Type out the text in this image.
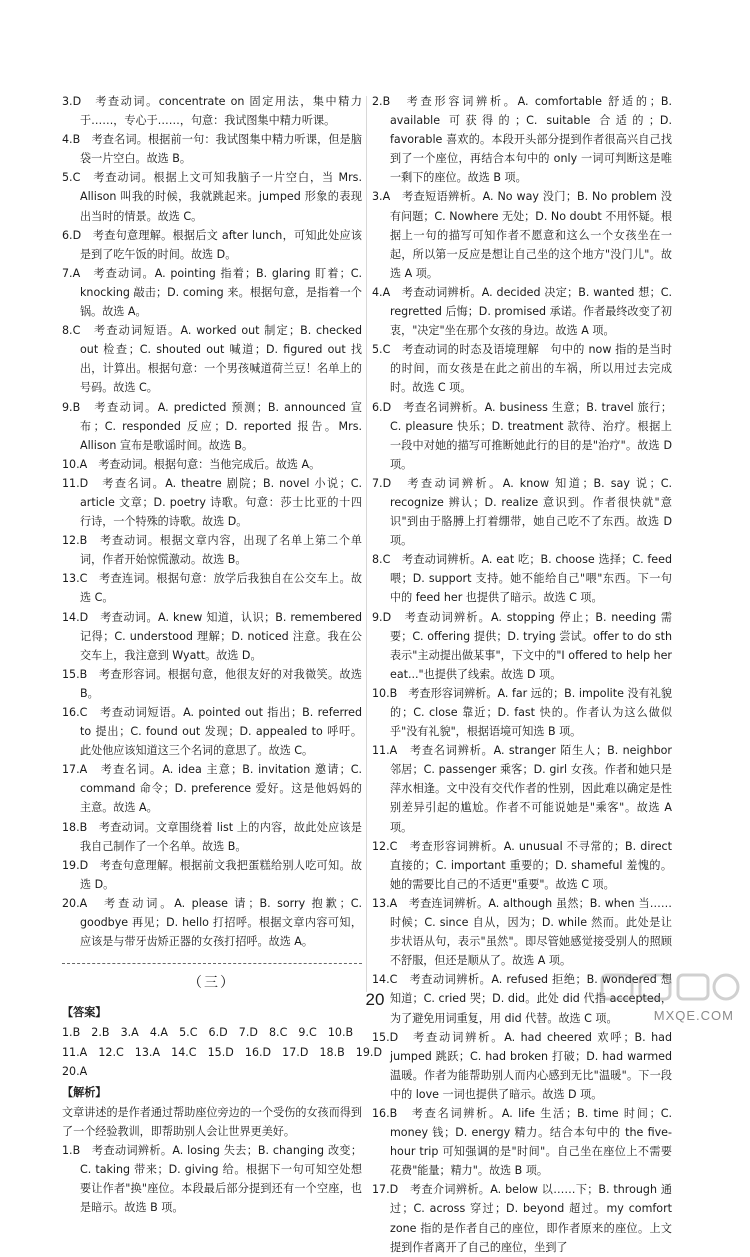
3.D　考查动词。concentrate on 固定用法，集中精力于……，专心于……，句意：我试图集中精力听课。

4.B　考查名词。根据前一句：我试图集中精力听课，但是脑袋一片空白。故选 B。

5.C　考查动词。根据上文可知我脑子一片空白，当 Mrs. Allison 叫我的时候，我就跳起来。jumped 形象的表现出当时的情景。故选 C。

6.D　考查句意理解。根据后文 after lunch，可知此处应该是到了吃午饭的时间。故选 D。

7.A　考查动词。A. pointing 指着；B. glaring 盯着；C. knocking 敲击；D. coming 来。根据句意，是指着一个锅。故选 A。

8.C　考查动词短语。A. worked out 制定；B. checked out 检查；C. shouted out 喊道；D. figured out 找出，计算出。根据句意：一个男孩喊道荷兰豆！名单上的号码。故选 C。

9.B　考查动词。A. predicted 预测；B. announced 宣布；C. responded 反应；D. reported 报告。Mrs. Allison 宣布是歌谣时间。故选 B。

10.A　考查动词。根据句意：当他完成后。故选 A。

11.D　考查名词。A. theatre 剧院；B. novel 小说；C. article 文章；D. poetry 诗歌。句意：莎士比亚的十四行诗，一个特殊的诗歌。故选 D。

12.B　考查动词。根据文章内容，出现了名单上第二个单词，作者开始惊慌激动。故选 B。

13.C　考查连词。根据句意：放学后我独自在公交车上。故选 C。

14.D　考查动词。A. knew 知道，认识；B. remembered 记得；C. understood 理解；D. noticed 注意。我在公交车上，我注意到 Wyatt。故选 D。

15.B　考查形容词。根据句意，他很友好的对我微笑。故选 B。

16.C　考查动词短语。A. pointed out 指出；B. referred to 提出；C. found out 发现；D. appealed to 呼吁。此处他应该知道这三个名词的意思了。故选 C。

17.A　考查名词。A. idea 主意；B. invitation 邀请；C. command 命令；D. preference 爱好。这是他妈妈的主意。故选 A。

18.B　考查动词。文章围绕着 list 上的内容，故此处应该是我自己制作了一个名单。故选 B。

19.D　考查句意理解。根据前文我把蛋糕给别人吃可知。故选 D。

20.A　考查动词。A. please 请；B. sorry 抱歉；C. goodbye 再见；D. hello 打招呼。根据文章内容可知，应该是与带牙齿矫正器的女孩打招呼。故选 A。

（三）
【答案】

1.B　2.B　3.A　4.A　5.C　6.D　7.D　8.C　9.C　10.B

11.A　12.C　13.A　14.C　15.D　16.D　17.D　18.B　19.D

20.A

【解析】

文章讲述的是作者通过帮助座位旁边的一个受伤的女孩而得到了一个经验教训，即帮助别人会让世界更美好。

1.B　考查动词辨析。A. losing 失去；B. changing 改变；C. taking 带来；D. giving 给。根据下一句可知空处想要让作者"换"座位。本段最后部分提到还有一个空座，也是暗示。故选 B 项。

2.B　考查形容词辨析。A. comfortable 舒适的；B. available 可获得的；C. suitable 合适的；D. favorable 喜欢的。本段开头部分提到作者很高兴自己找到了一个座位，再结合本句中的 only 一词可判断这是唯一剩下的座位。故选 B 项。

3.A　考查短语辨析。A. No way 没门；B. No problem 没有问题；C. Nowhere 无处；D. No doubt 不用怀疑。根据上一句的描写可知作者不愿意和这么一个女孩坐在一起，所以第一反应是想让自己坐的这个地方"没门儿"。故选 A 项。

4.A　考查动词辨析。A. decided 决定；B. wanted 想；C. regretted 后悔；D. promised 承诺。作者最终改变了初衷，"决定"坐在那个女孩的身边。故选 A 项。

5.C　考查动词的时态及语境理解　句中的 now 指的是当时的时间，而女孩是在此之前出的车祸，所以用过去完成时。故选 C 项。

6.D　考查名词辨析。A. business 生意；B. travel 旅行；C. pleasure 快乐；D. treatment 款待、治疗。根据上一段中对她的描写可推断她此行的目的是"治疗"。故选 D 项。

7.D　考查动词辨析。A. know 知道；B. say 说；C. recognize 辨认；D. realize 意识到。作者很快就"意识"到由于胳膊上打着绷带，她自己吃不了东西。故选 D 项。

8.C　考查动词辨析。A. eat 吃；B. choose 选择；C. feed 喂；D. support 支持。她不能给自己"喂"东西。下一句中的 feed her 也提供了暗示。故选 C 项。

9.D　考查动词辨析。A. stopping 停止；B. needing 需要；C. offering 提供；D. trying 尝试。offer to do sth 表示"主动提出做某事"，下文中的"I offered to help her eat..."也提供了线索。故选 D 项。

10.B　考查形容词辨析。A. far 远的；B. impolite 没有礼貌的；C. close 靠近；D. fast 快的。作者认为这么做似乎"没有礼貌"，根据语境可知选 B 项。

11.A　考查名词辨析。A. stranger 陌生人；B. neighbor 邻居；C. passenger 乘客；D. girl 女孩。作者和她只是萍水相逢。文中没有交代作者的性别，因此难以确定是性别差异引起的尴尬。作者不可能说她是"乘客"。故选 A 项。

12.C　考查形容词辨析。A. unusual 不寻常的；B. direct 直接的；C. important 重要的；D. shameful 羞愧的。她的需要比自己的不适更"重要"。故选 C 项。

13.A　考查连词辨析。A. although 虽然；B. when 当……时候；C. since 自从，因为；D. while 然而。此处是让步状语从句，表示"虽然"。即尽管她感觉接受别人的照顾不舒服，但还是顺从了。故选 A 项。

14.C　考查动词辨析。A. refused 拒绝；B. wondered 想知道；C. cried 哭；D. did。此处 did 代指 accepted，为了避免用词重复，用 did 代替。故选 C 项。

15.D　考查动词辨析。A. had cheered 欢呼；B. had jumped 跳跃；C. had broken 打破；D. had warmed 温暖。作者为能帮助别人而内心感到无比"温暖"。下一段中的 love 一词也提供了暗示。故选 D 项。

16.B　考查名词辨析。A. life 生活；B. time 时间；C. money 钱；D. energy 精力。结合本句中的 the five-hour trip 可知强调的是"时间"。自己坐在座位上不需要花费"能量；精力"。故选 B 项。

17.D　考查介词辨析。A. below 以……下；B. through 通过；C. across 穿过；D. beyond 超过。my comfort zone 指的是作者自己的座位，即作者原来的座位。上文提到作者离开了自己的座位，坐到了

20
MXQE.COM
